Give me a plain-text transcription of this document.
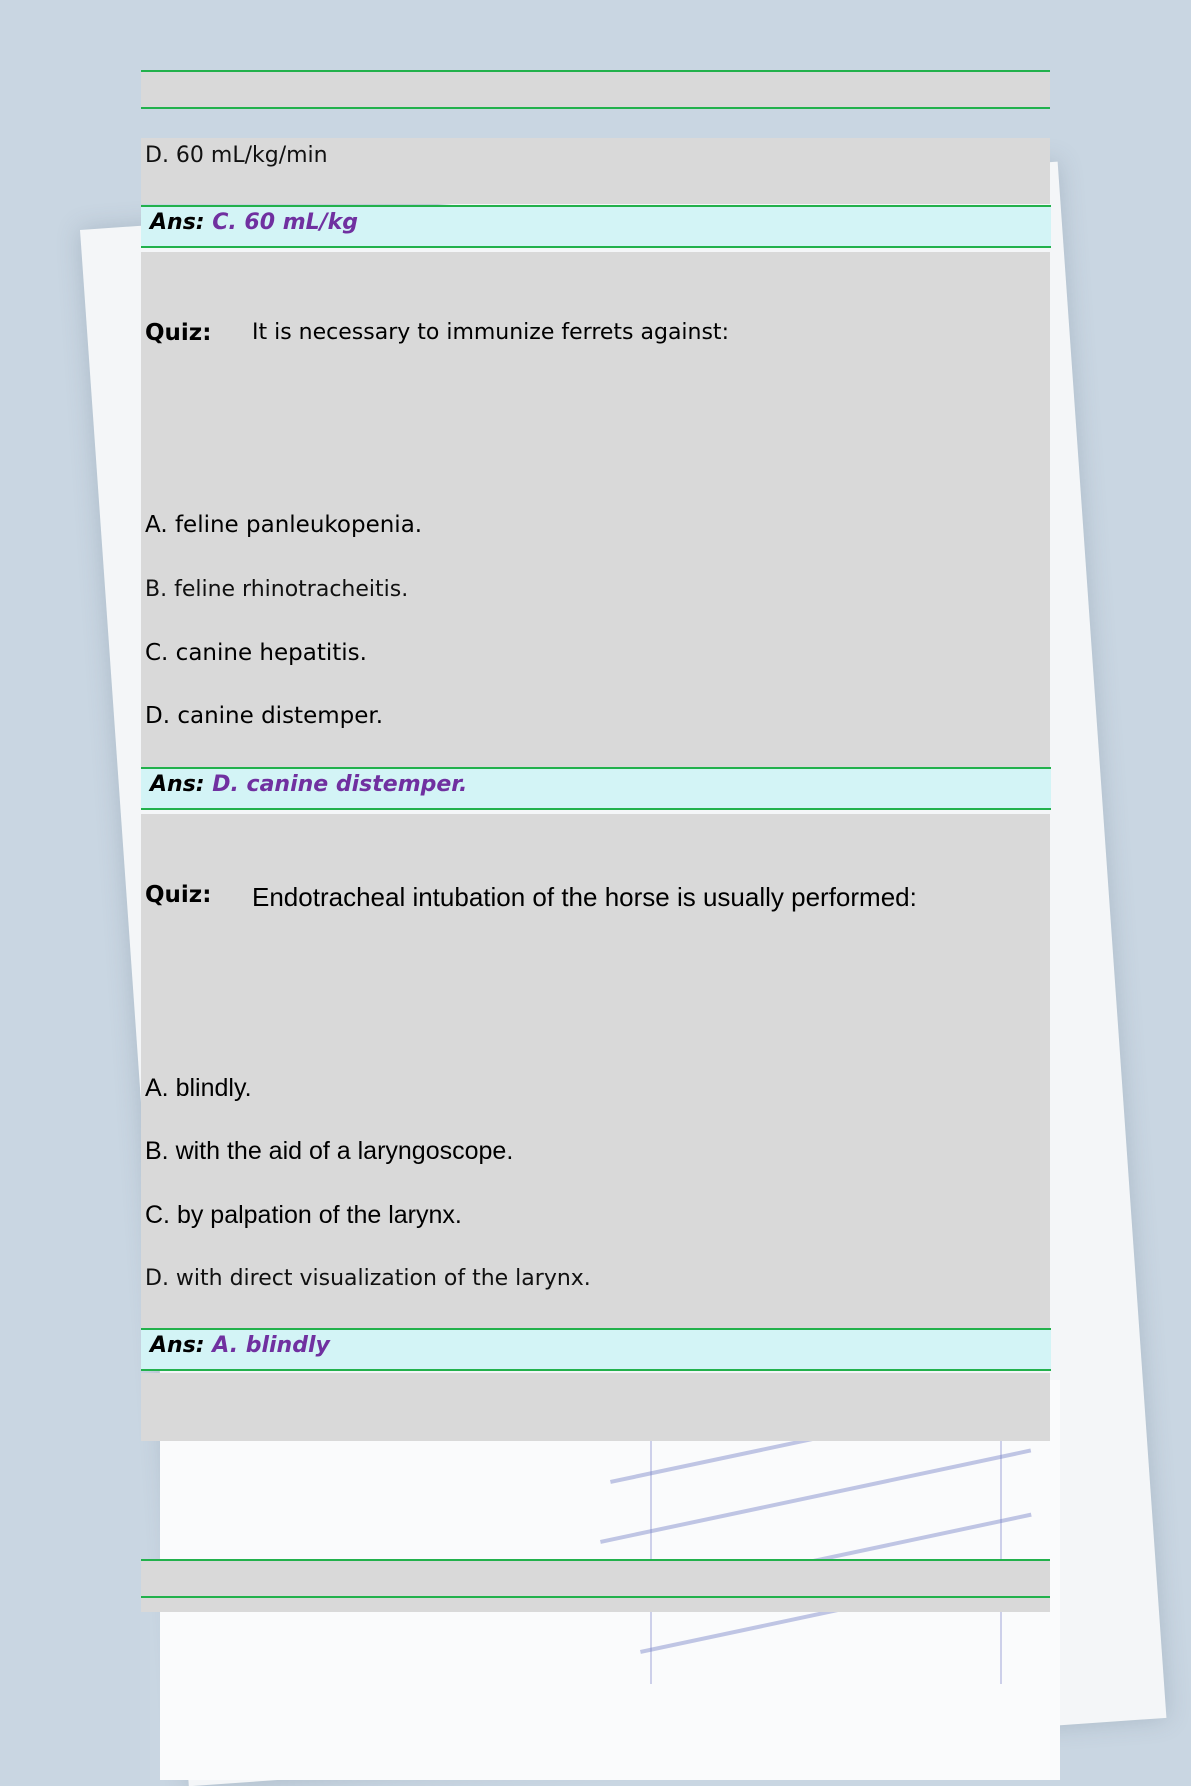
D. 60 mL/kg/min
Ans: C. 60 mL/kg
Quiz: It is necessary to immunize ferrets against:
A. feline panleukopenia.
B. feline rhinotracheitis.
C. canine hepatitis.
D. canine distemper.
Ans: D. canine distemper.
Quiz: Endotracheal intubation of the horse is usually performed:
A. blindly.
B. with the aid of a laryngoscope.
C. by palpation of the larynx.
D. with direct visualization of the larynx.
Ans: A. blindly
